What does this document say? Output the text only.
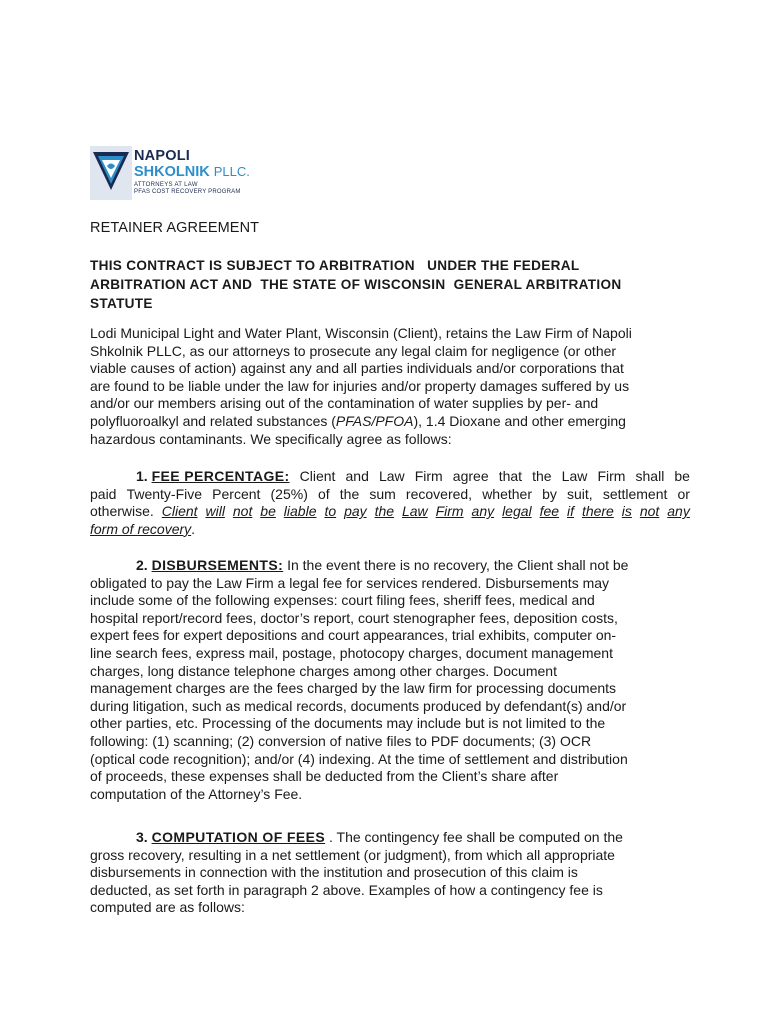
NAPOLI
SHKOLNIK PLLC.
ATTORNEYS AT LAW
PFAS COST RECOVERY PROGRAM
RETAINER AGREEMENT
THIS CONTRACT IS SUBJECT TO ARBITRATION   UNDER THE FEDERAL
ARBITRATION ACT AND  THE STATE OF WISCONSIN  GENERAL ARBITRATION
STATUTE
Lodi Municipal Light and Water Plant, Wisconsin (Client), retains the Law Firm of Napoli
Shkolnik PLLC, as our attorneys to prosecute any legal claim for negligence (or other
viable causes of action) against any and all parties individuals and/or corporations that
are found to be liable under the law for injuries and/or property damages suffered by us
and/or our members arising out of the contamination of water supplies by per- and
polyfluoroalkyl and related substances (PFAS/PFOA), 1.4 Dioxane and other emerging
hazardous contaminants. We specifically agree as follows:
1. FEE PERCENTAGE: Client and Law Firm agree that the Law Firm shall be
paid Twenty-Five Percent (25%) of the sum recovered, whether by suit, settlement or
otherwise. Client will not be liable to pay the Law Firm any legal fee if there is not any
form of recovery.
2. DISBURSEMENTS: In the event there is no recovery, the Client shall not be
obligated to pay the Law Firm a legal fee for services rendered. Disbursements may
include some of the following expenses: court filing fees, sheriff fees, medical and
hospital report/record fees, doctor’s report, court stenographer fees, deposition costs,
expert fees for expert depositions and court appearances, trial exhibits, computer on-
line search fees, express mail, postage, photocopy charges, document management
charges, long distance telephone charges among other charges. Document
management charges are the fees charged by the law firm for processing documents
during litigation, such as medical records, documents produced by defendant(s) and/or
other parties, etc. Processing of the documents may include but is not limited to the
following: (1) scanning; (2) conversion of native files to PDF documents; (3) OCR
(optical code recognition); and/or (4) indexing. At the time of settlement and distribution
of proceeds, these expenses shall be deducted from the Client’s share after
computation of the Attorney’s Fee.
3. COMPUTATION OF FEES . The contingency fee shall be computed on the
gross recovery, resulting in a net settlement (or judgment), from which all appropriate
disbursements in connection with the institution and prosecution of this claim is
deducted, as set forth in paragraph 2 above. Examples of how a contingency fee is
computed are as follows:
